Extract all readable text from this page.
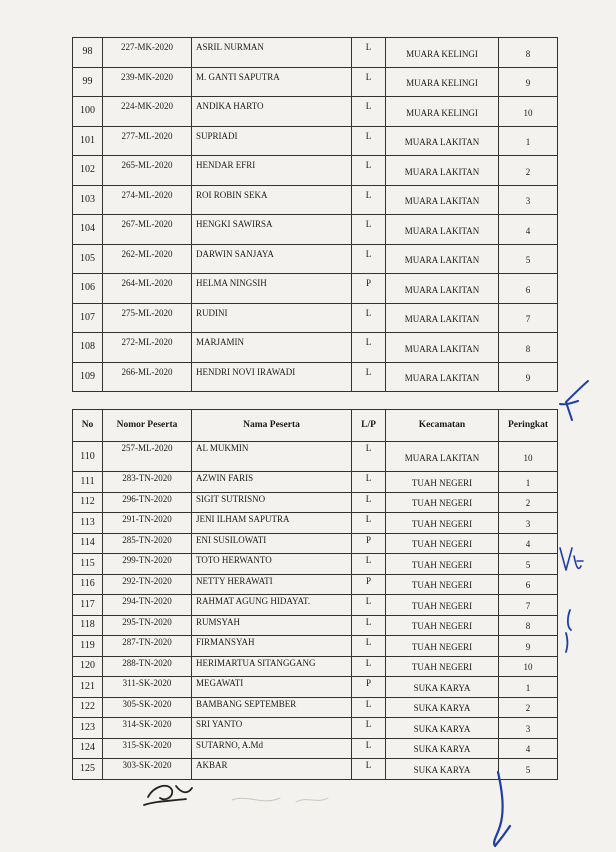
98	227-MK-2020	ASRIL NURMAN	L	MUARA KELINGI	8
99	239-MK-2020	M. GANTI SAPUTRA	L	MUARA KELINGI	9
100	224-MK-2020	ANDIKA HARTO	L	MUARA KELINGI	10
101	277-ML-2020	SUPRIADI	L	MUARA LAKITAN	1
102	265-ML-2020	HENDAR EFRI	L	MUARA LAKITAN	2
103	274-ML-2020	ROI ROBIN SEKA	L	MUARA LAKITAN	3
104	267-ML-2020	HENGKI SAWIRSA	L	MUARA LAKITAN	4
105	262-ML-2020	DARWIN SANJAYA	L	MUARA LAKITAN	5
106	264-ML-2020	HELMA NINGSIH	P	MUARA LAKITAN	6
107	275-ML-2020	RUDINI	L	MUARA LAKITAN	7
108	272-ML-2020	MARJAMIN	L	MUARA LAKITAN	8
109	266-ML-2020	HENDRI NOVI IRAWADI	L	MUARA LAKITAN	9
No	Nomor Peserta	Nama Peserta	L/P	Kecamatan	Peringkat
110	257-ML-2020	AL MUKMIN	L	MUARA LAKITAN	10
111	283-TN-2020	AZWIN FARIS	L	TUAH NEGERI	1
112	296-TN-2020	SIGIT SUTRISNO	L	TUAH NEGERI	2
113	291-TN-2020	JENI ILHAM SAPUTRA	L	TUAH NEGERI	3
114	285-TN-2020	ENI SUSILOWATI	P	TUAH NEGERI	4
115	299-TN-2020	TOTO HERWANTO	L	TUAH NEGERI	5
116	292-TN-2020	NETTY HERAWATI	P	TUAH NEGERI	6
117	294-TN-2020	RAHMAT AGUNG HIDAYAT.	L	TUAH NEGERI	7
118	295-TN-2020	RUMSYAH	L	TUAH NEGERI	8
119	287-TN-2020	FIRMANSYAH	L	TUAH NEGERI	9
120	288-TN-2020	HERIMARTUA SITANGGANG	L	TUAH NEGERI	10
121	311-SK-2020	MEGAWATI	P	SUKA KARYA	1
122	305-SK-2020	BAMBANG SEPTEMBER	L	SUKA KARYA	2
123	314-SK-2020	SRI YANTO	L	SUKA KARYA	3
124	315-SK-2020	SUTARNO, A.Md	L	SUKA KARYA	4
125	303-SK-2020	AKBAR	L	SUKA KARYA	5
